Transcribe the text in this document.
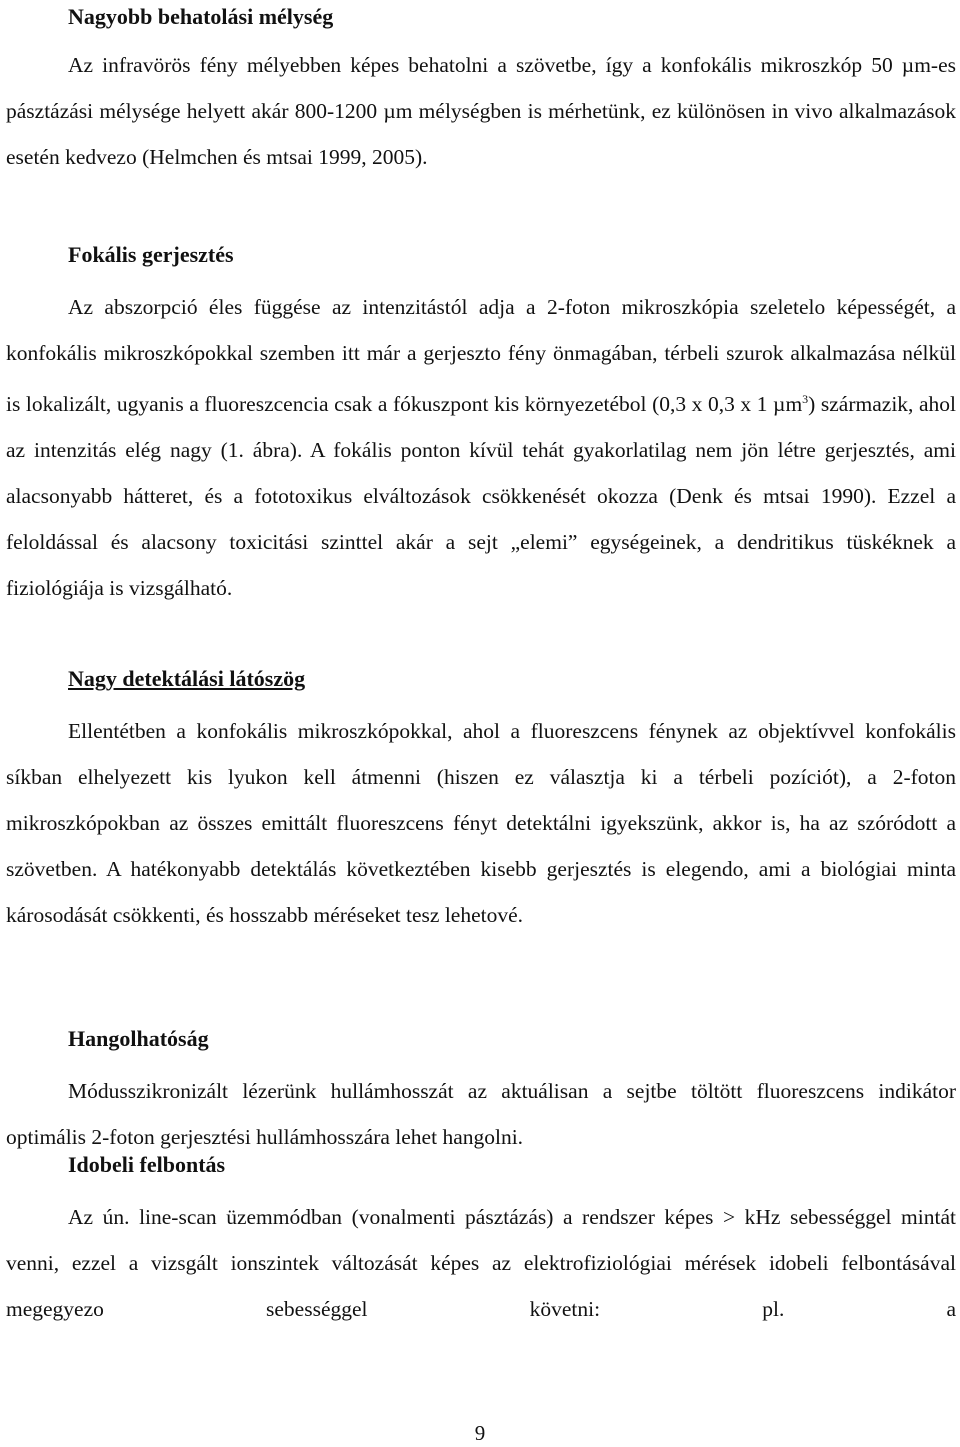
Nagyobb behatolási mélység

Az infravörös fény mélyebben képes behatolni a szövetbe, így a konfokális mikroszkóp 50 µm-es pásztázási mélysége helyett akár 800-1200 µm mélységben is mérhetünk, ez különösen in vivo alkalmazások esetén kedvezo (Helmchen és mtsai 1999, 2005).

Fokális gerjesztés

Az abszorpció éles függése az intenzitástól adja a 2-foton mikroszkópia szeletelo képességét, a konfokális mikroszkópokkal szemben itt már a gerjeszto fény önmagában, térbeli szurok alkalmazása nélkül is lokalizált, ugyanis a fluoreszcencia csak a fókuszpont kis környezetébol (0,3 x 0,3 x 1 µm$^3$) származik, ahol az intenzitás elég nagy (1. ábra). A fokális ponton kívül tehát gyakorlatilag nem jön létre gerjesztés, ami alacsonyabb hátteret, és a fototoxikus elváltozások csökkenését okozza (Denk és mtsai 1990). Ezzel a feloldással és alacsony toxicitási szinttel akár a sejt „elemi” egységeinek, a dendritikus tüskéknek a fiziológiája is vizsgálható.

Nagy detektálási látószög

Ellentétben a konfokális mikroszkópokkal, ahol a fluoreszcens fénynek az objektívvel konfokális síkban elhelyezett kis lyukon kell átmenni (hiszen ez választja ki a térbeli pozíciót), a 2-foton mikroszkópokban az összes emittált fluoreszcens fényt detektálni igyekszünk, akkor is, ha az szóródott a szövetben. A hatékonyabb detektálás következtében kisebb gerjesztés is elegendo, ami a biológiai minta károsodását csökkenti, és hosszabb méréseket tesz lehetové.

Hangolhatóság

Módusszikronizált lézerünk hullámhosszát az aktuálisan a sejtbe töltött fluoreszcens indikátor optimális 2-foton gerjesztési hullámhosszára lehet hangolni.

Idobeli felbontás

Az ún. line-scan üzemmódban (vonalmenti pásztázás) a rendszer képes > kHz sebességgel mintát venni, ezzel a vizsgált ionszintek változását képes az elektrofiziológiai mérések idobeli felbontásával megegyezo sebességgel követni: pl. a

9
